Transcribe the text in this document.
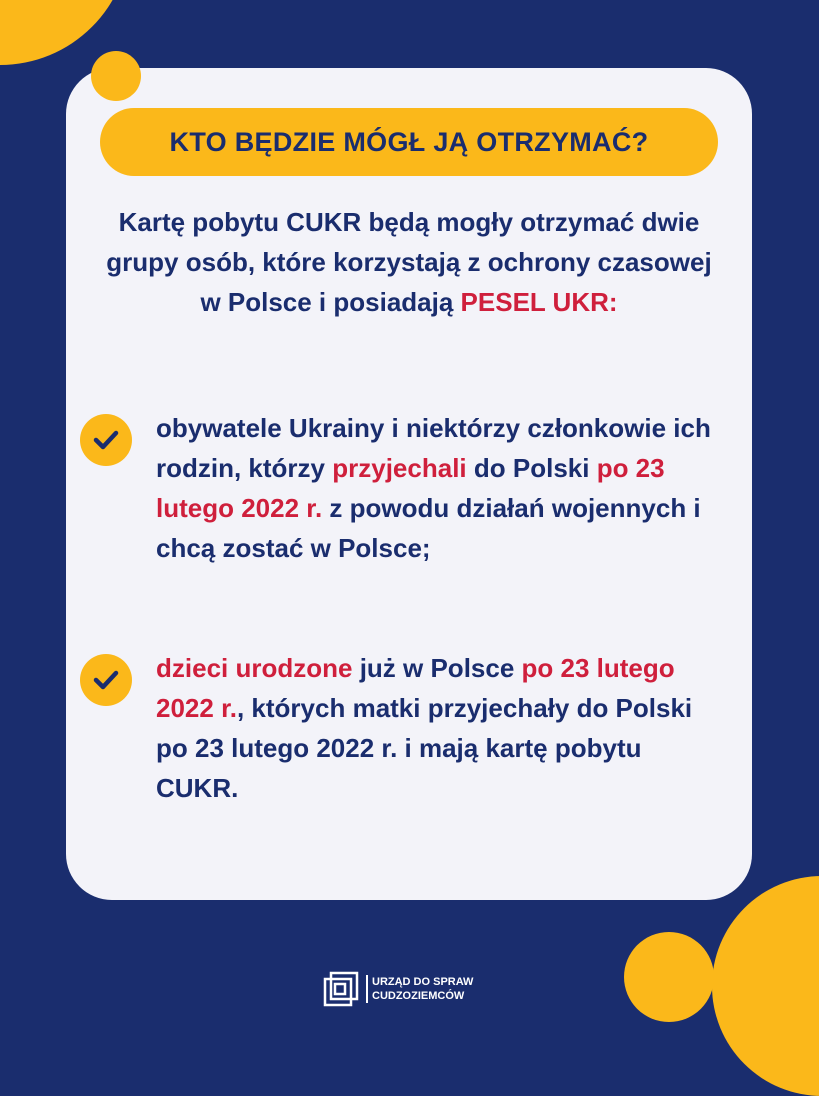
KTO BĘDZIE MÓGŁ JĄ OTRZYMAĆ?
Kartę pobytu CUKR będą mogły otrzymać dwie grupy osób, które korzystają z ochrony czasowej w Polsce i posiadają PESEL UKR:
obywatele Ukrainy i niektórzy członkowie ich rodzin, którzy przyjechali do Polski po 23 lutego 2022 r. z powodu działań wojennych i chcą zostać w Polsce;
dzieci urodzone już w Polsce po 23 lutego 2022 r., których matki przyjechały do Polski po 23 lutego 2022 r. i mają kartę pobytu CUKR.
URZĄD DO SPRAW
CUDZOZIEMCÓW
